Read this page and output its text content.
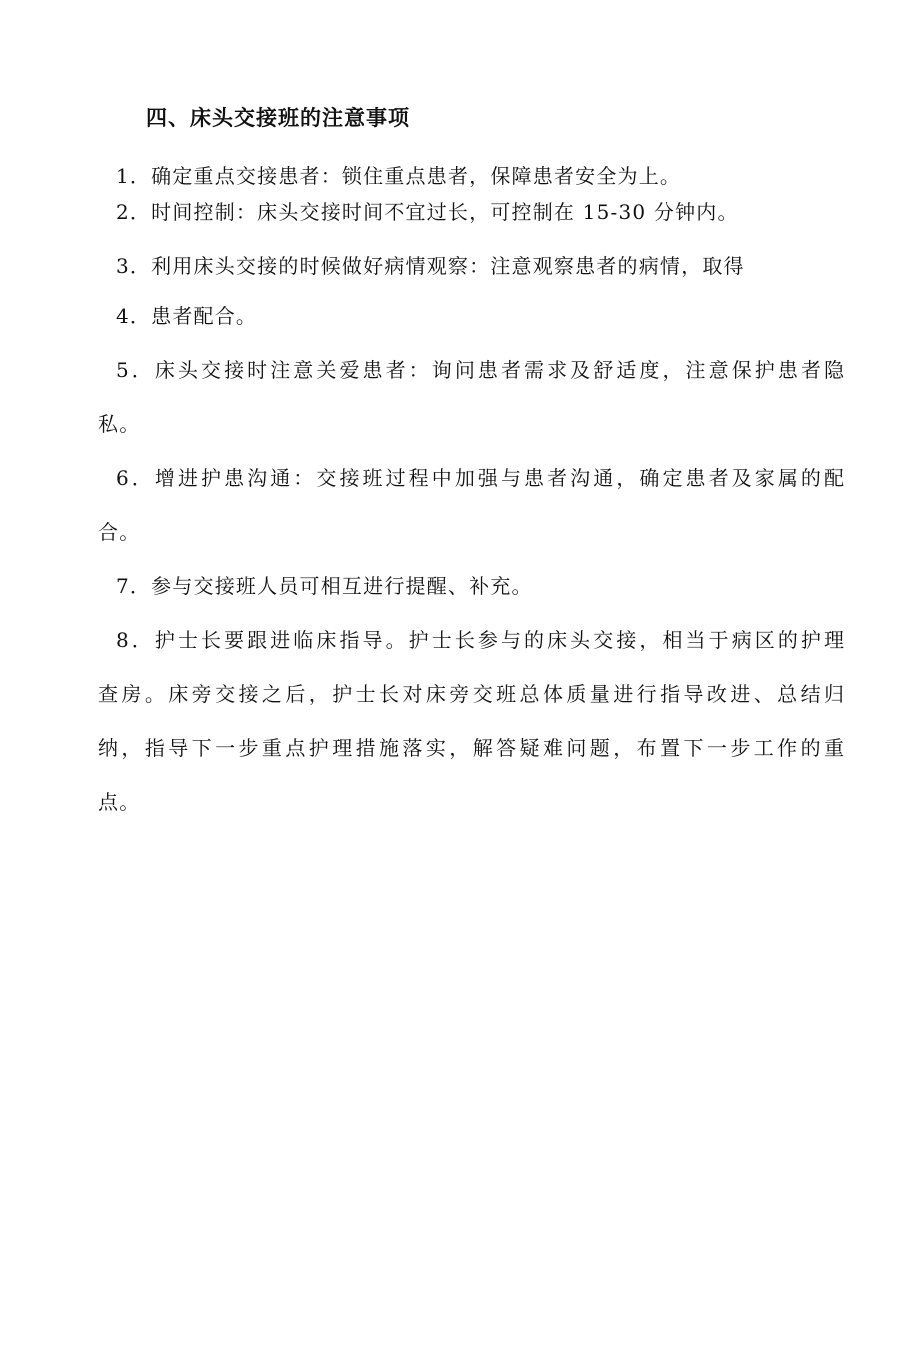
四、床头交接班的注意事项
1．确定重点交接患者：锁住重点患者，保障患者安全为上。
2．时间控制：床头交接时间不宜过长，可控制在 15-30 分钟内。
3．利用床头交接的时候做好病情观察：注意观察患者的病情，取得
4．患者配合。
5．床头交接时注意关爱患者：询问患者需求及舒适度，注意保护患者隐
私。
6．增进护患沟通：交接班过程中加强与患者沟通，确定患者及家属的配
合。
7．参与交接班人员可相互进行提醒、补充。
8．护士长要跟进临床指导。护士长参与的床头交接，相当于病区的护理
查房。床旁交接之后，护士长对床旁交班总体质量进行指导改进、总结归
纳，指导下一步重点护理措施落实，解答疑难问题，布置下一步工作的重
点。
